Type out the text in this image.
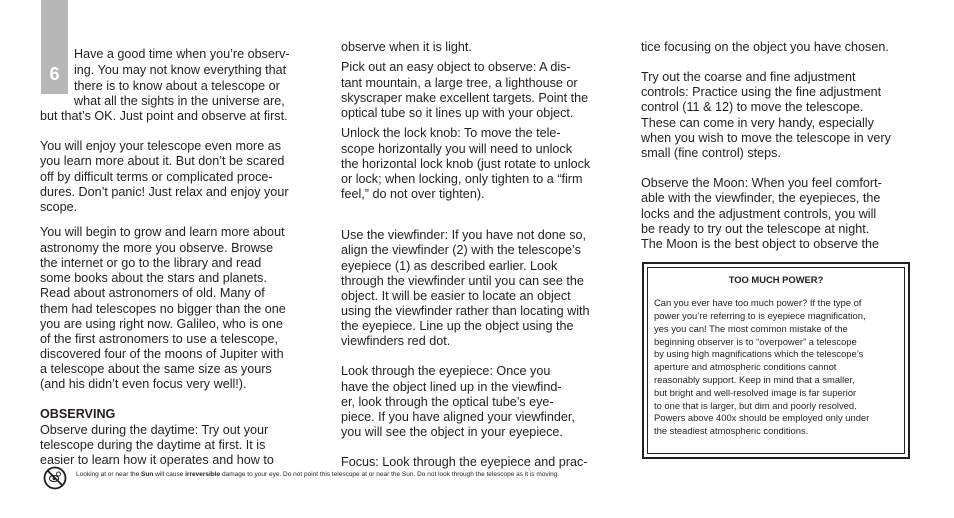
6
Have a good time when you’re observ-
ing. You may not know everything that
there is to know about a telescope or
what all the sights in the universe are,
but that’s OK. Just point and observe at first.
You will enjoy your telescope even more as
you learn more about it. But don’t be scared
off by difficult terms or complicated proce-
dures. Don’t panic! Just relax and enjoy your
scope.
You will begin to grow and learn more about
astronomy the more you observe. Browse
the internet or go to the library and read
some books about the stars and planets.
Read about astronomers of old. Many of
them had telescopes no bigger than the one
you are using right now. Galileo, who is one
of the first astronomers to use a telescope,
discovered four of the moons of Jupiter with
a telescope about the same size as yours
(and his didn’t even focus very well!).
OBSERVING
Observe during the daytime: Try out your
telescope during the daytime at first. It is
easier to learn how it operates and how to
observe when it is light.
Pick out an easy object to observe: A dis-
tant mountain, a large tree, a lighthouse or
skyscraper make excellent targets. Point the
optical tube so it lines up with your object.
Unlock the lock knob: To move the tele-
scope horizontally you will need to unlock
the horizontal lock knob (just rotate to unlock
or lock; when locking, only tighten to a “firm
feel,” do not over tighten).
Use the viewfinder: If you have not done so,
align the viewfinder (2) with the telescope’s
eyepiece (1) as described earlier. Look
through the viewfinder until you can see the
object. It will be easier to locate an object
using the viewfinder rather than locating with
the eyepiece. Line up the object using the
viewfinders red dot.
Look through the eyepiece: Once you
have the object lined up in the viewfind-
er, look through the optical tube’s eye-
piece. If you have aligned your viewfinder,
you will see the object in your eyepiece.
Focus: Look through the eyepiece and prac-
tice focusing on the object you have chosen.
Try out the coarse and fine adjustment
controls: Practice using the fine adjustment
control (11 & 12) to move the telescope.
These can come in very handy, especially
when you wish to move the telescope in very
small (fine control) steps.
Observe the Moon: When you feel comfort-
able with the viewfinder, the eyepieces, the
locks and the adjustment controls, you will
be ready to try out the telescope at night.
The Moon is the best object to observe the
TOO MUCH POWER?
Can you ever have too much power? If the type of
power you’re referring to is eyepiece magnification,
yes you can! The most common mistake of the
beginning observer is to “overpower” a telescope
by using high magnifications which the telescope’s
aperture and atmospheric conditions cannot
reasonably support. Keep in mind that a smaller,
but bright and well-resolved image is far superior
to one that is larger, but dim and poorly resolved.
Powers above 400x should be employed only under
the steadiest atmospheric conditions.
Looking at or near the Sun will cause irreversible damage to your eye. Do not point this telescope at or near the Sun. Do not look through the telescope as it is moving.
